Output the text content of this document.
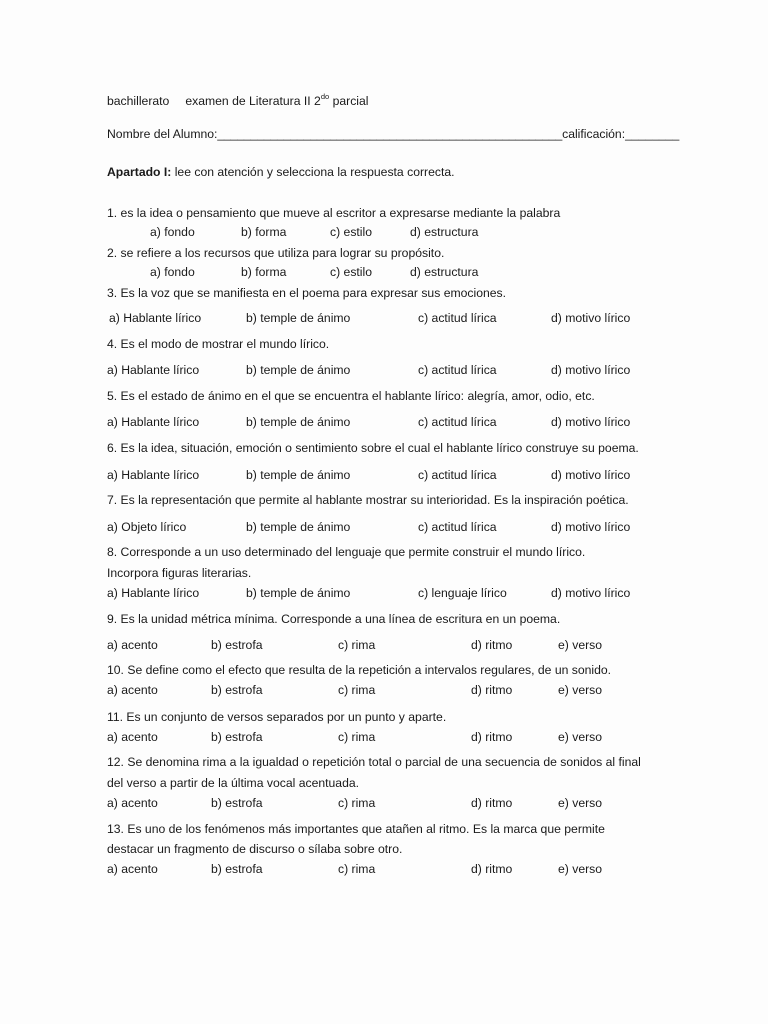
bachillerato examen de Literatura II $2^{do}$ parcial
Nombre del Alumno:____________________________________________________calificación:________
Apartado I: lee con atención y selecciona la respuesta correcta.
1. es la idea o pensamiento que mueve al escritor a expresarse mediante la palabra
a) fondo	b) forma	c) estilo	d) estructura
2. se refiere a los recursos que utiliza para lograr su propósito.
a) fondo	b) forma	c) estilo	d) estructura
3. Es la voz que se manifiesta en el poema para expresar sus emociones.
a) Hablante lírico	b) temple de ánimo	c) actitud lírica	d) motivo lírico
4. Es el modo de mostrar el mundo lírico.
a) Hablante lírico	b) temple de ánimo	c) actitud lírica	d) motivo lírico
5. Es el estado de ánimo en el que se encuentra el hablante lírico: alegría, amor, odio, etc.
a) Hablante lírico	b) temple de ánimo	c) actitud lírica	d) motivo lírico
6. Es la idea, situación, emoción o sentimiento sobre el cual el hablante lírico construye su poema.
a) Hablante lírico	b) temple de ánimo	c) actitud lírica	d) motivo lírico
7. Es la representación que permite al hablante mostrar su interioridad. Es la inspiración poética.
a) Objeto lírico	b) temple de ánimo	c) actitud lírica	d) motivo lírico
8. Corresponde a un uso determinado del lenguaje que permite construir el mundo lírico.
Incorpora figuras literarias.
a) Hablante lírico	b) temple de ánimo	c) lenguaje lírico	d) motivo lírico
9. Es la unidad métrica mínima. Corresponde a una línea de escritura en un poema.
a) acento	b) estrofa	c) rima	d) ritmo	e) verso
10. Se define como el efecto que resulta de la repetición a intervalos regulares, de un sonido.
a) acento	b) estrofa	c) rima	d) ritmo	e) verso
11. Es un conjunto de versos separados por un punto y aparte.
a) acento	b) estrofa	c) rima	d) ritmo	e) verso
12. Se denomina rima a la igualdad o repetición total o parcial de una secuencia de sonidos al final
del verso a partir de la última vocal acentuada.
a) acento	b) estrofa	c) rima	d) ritmo	e) verso
13. Es uno de los fenómenos más importantes que atañen al ritmo. Es la marca que permite
destacar un fragmento de discurso o sílaba sobre otro.
a) acento	b) estrofa	c) rima	d) ritmo	e) verso
